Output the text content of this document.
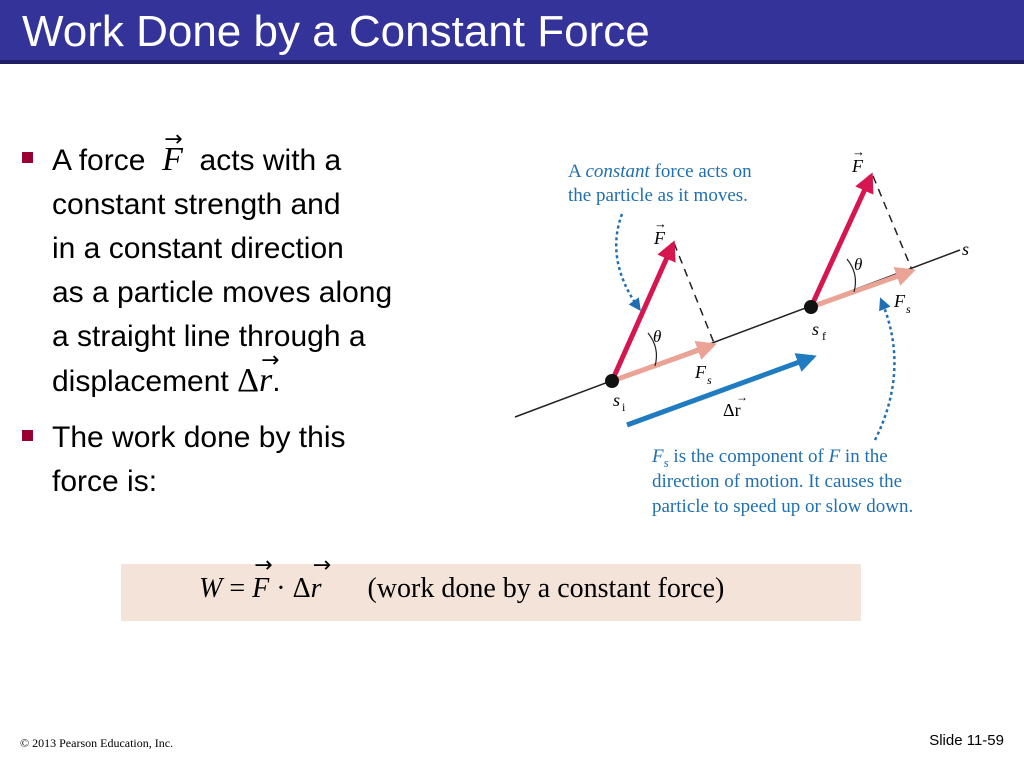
Work Done by a Constant Force
A force → F acts with a
constant strength and
in a constant direction
as a particle moves along
a straight line through a
displacement Δ→ r.
The work done by this
force is:
s
F
→
F
→
θ
θ
F s
F s
s i
s f
Δr
→
A constant force acts on
the particle as it moves.
$F_s$ is the component of F in the
direction of motion. It causes the
particle to speed up or slow down.
W = → F · Δ→ r (work done by a constant force)
© 2013 Pearson Education, Inc.	Slide 11-59
